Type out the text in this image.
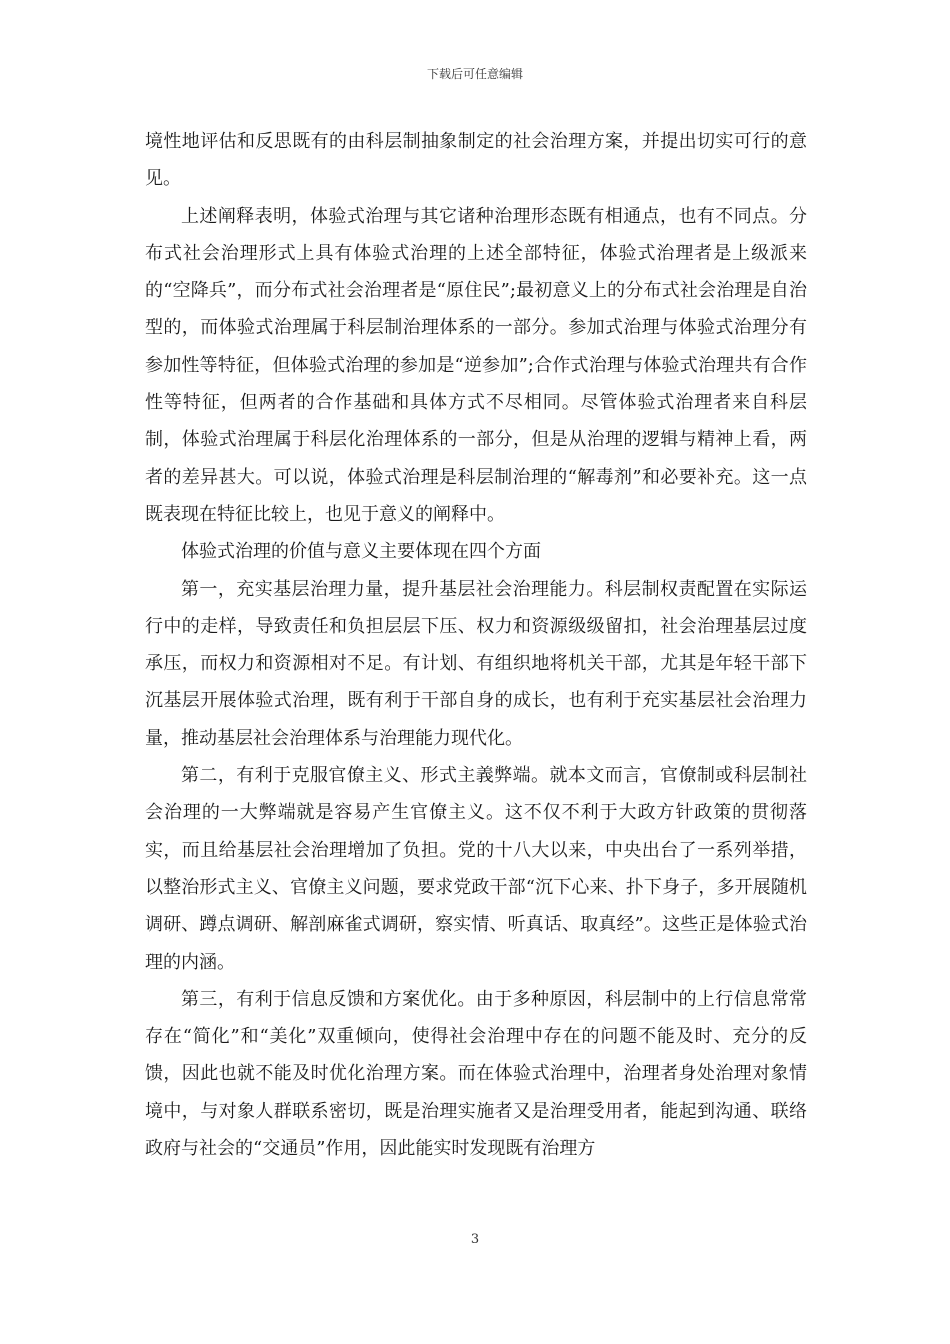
下载后可任意编辑

境性地评估和反思既有的由科层制抽象制定的社会治理方案，并提出切实可行的意见。

上述阐释表明，体验式治理与其它诸种治理形态既有相通点，也有不同点。分布式社会治理形式上具有体验式治理的上述全部特征，体验式治理者是上级派来的“空降兵”，而分布式社会治理者是“原住民”;最初意义上的分布式社会治理是自治型的，而体验式治理属于科层制治理体系的一部分。参加式治理与体验式治理分有参加性等特征，但体验式治理的参加是“逆参加”;合作式治理与体验式治理共有合作性等特征，但两者的合作基础和具体方式不尽相同。尽管体验式治理者来自科层制，体验式治理属于科层化治理体系的一部分，但是从治理的逻辑与精神上看，两者的差异甚大。可以说，体验式治理是科层制治理的“解毒剂”和必要补充。这一点既表现在特征比较上，也见于意义的阐释中。

体验式治理的价值与意义主要体现在四个方面

第一，充实基层治理力量，提升基层社会治理能力。科层制权责配置在实际运行中的走样，导致责任和负担层层下压、权力和资源级级留扣，社会治理基层过度承压，而权力和资源相对不足。有计划、有组织地将机关干部，尤其是年轻干部下沉基层开展体验式治理，既有利于干部自身的成长，也有利于充实基层社会治理力量，推动基层社会治理体系与治理能力现代化。

第二，有利于克服官僚主义、形式主義弊端。就本文而言，官僚制或科层制社会治理的一大弊端就是容易产生官僚主义。这不仅不利于大政方针政策的贯彻落实，而且给基层社会治理增加了负担。党的十八大以来，中央出台了一系列举措，以整治形式主义、官僚主义问题，要求党政干部“沉下心来、扑下身子，多开展随机调研、蹲点调研、解剖麻雀式调研，察实情、听真话、取真经”。这些正是体验式治理的内涵。

第三，有利于信息反馈和方案优化。由于多种原因，科层制中的上行信息常常存在“简化”和“美化”双重倾向，使得社会治理中存在的问题不能及时、充分的反馈，因此也就不能及时优化治理方案。而在体验式治理中，治理者身处治理对象情境中，与对象人群联系密切，既是治理实施者又是治理受用者，能起到沟通、联络政府与社会的“交通员”作用，因此能实时发现既有治理方

3
